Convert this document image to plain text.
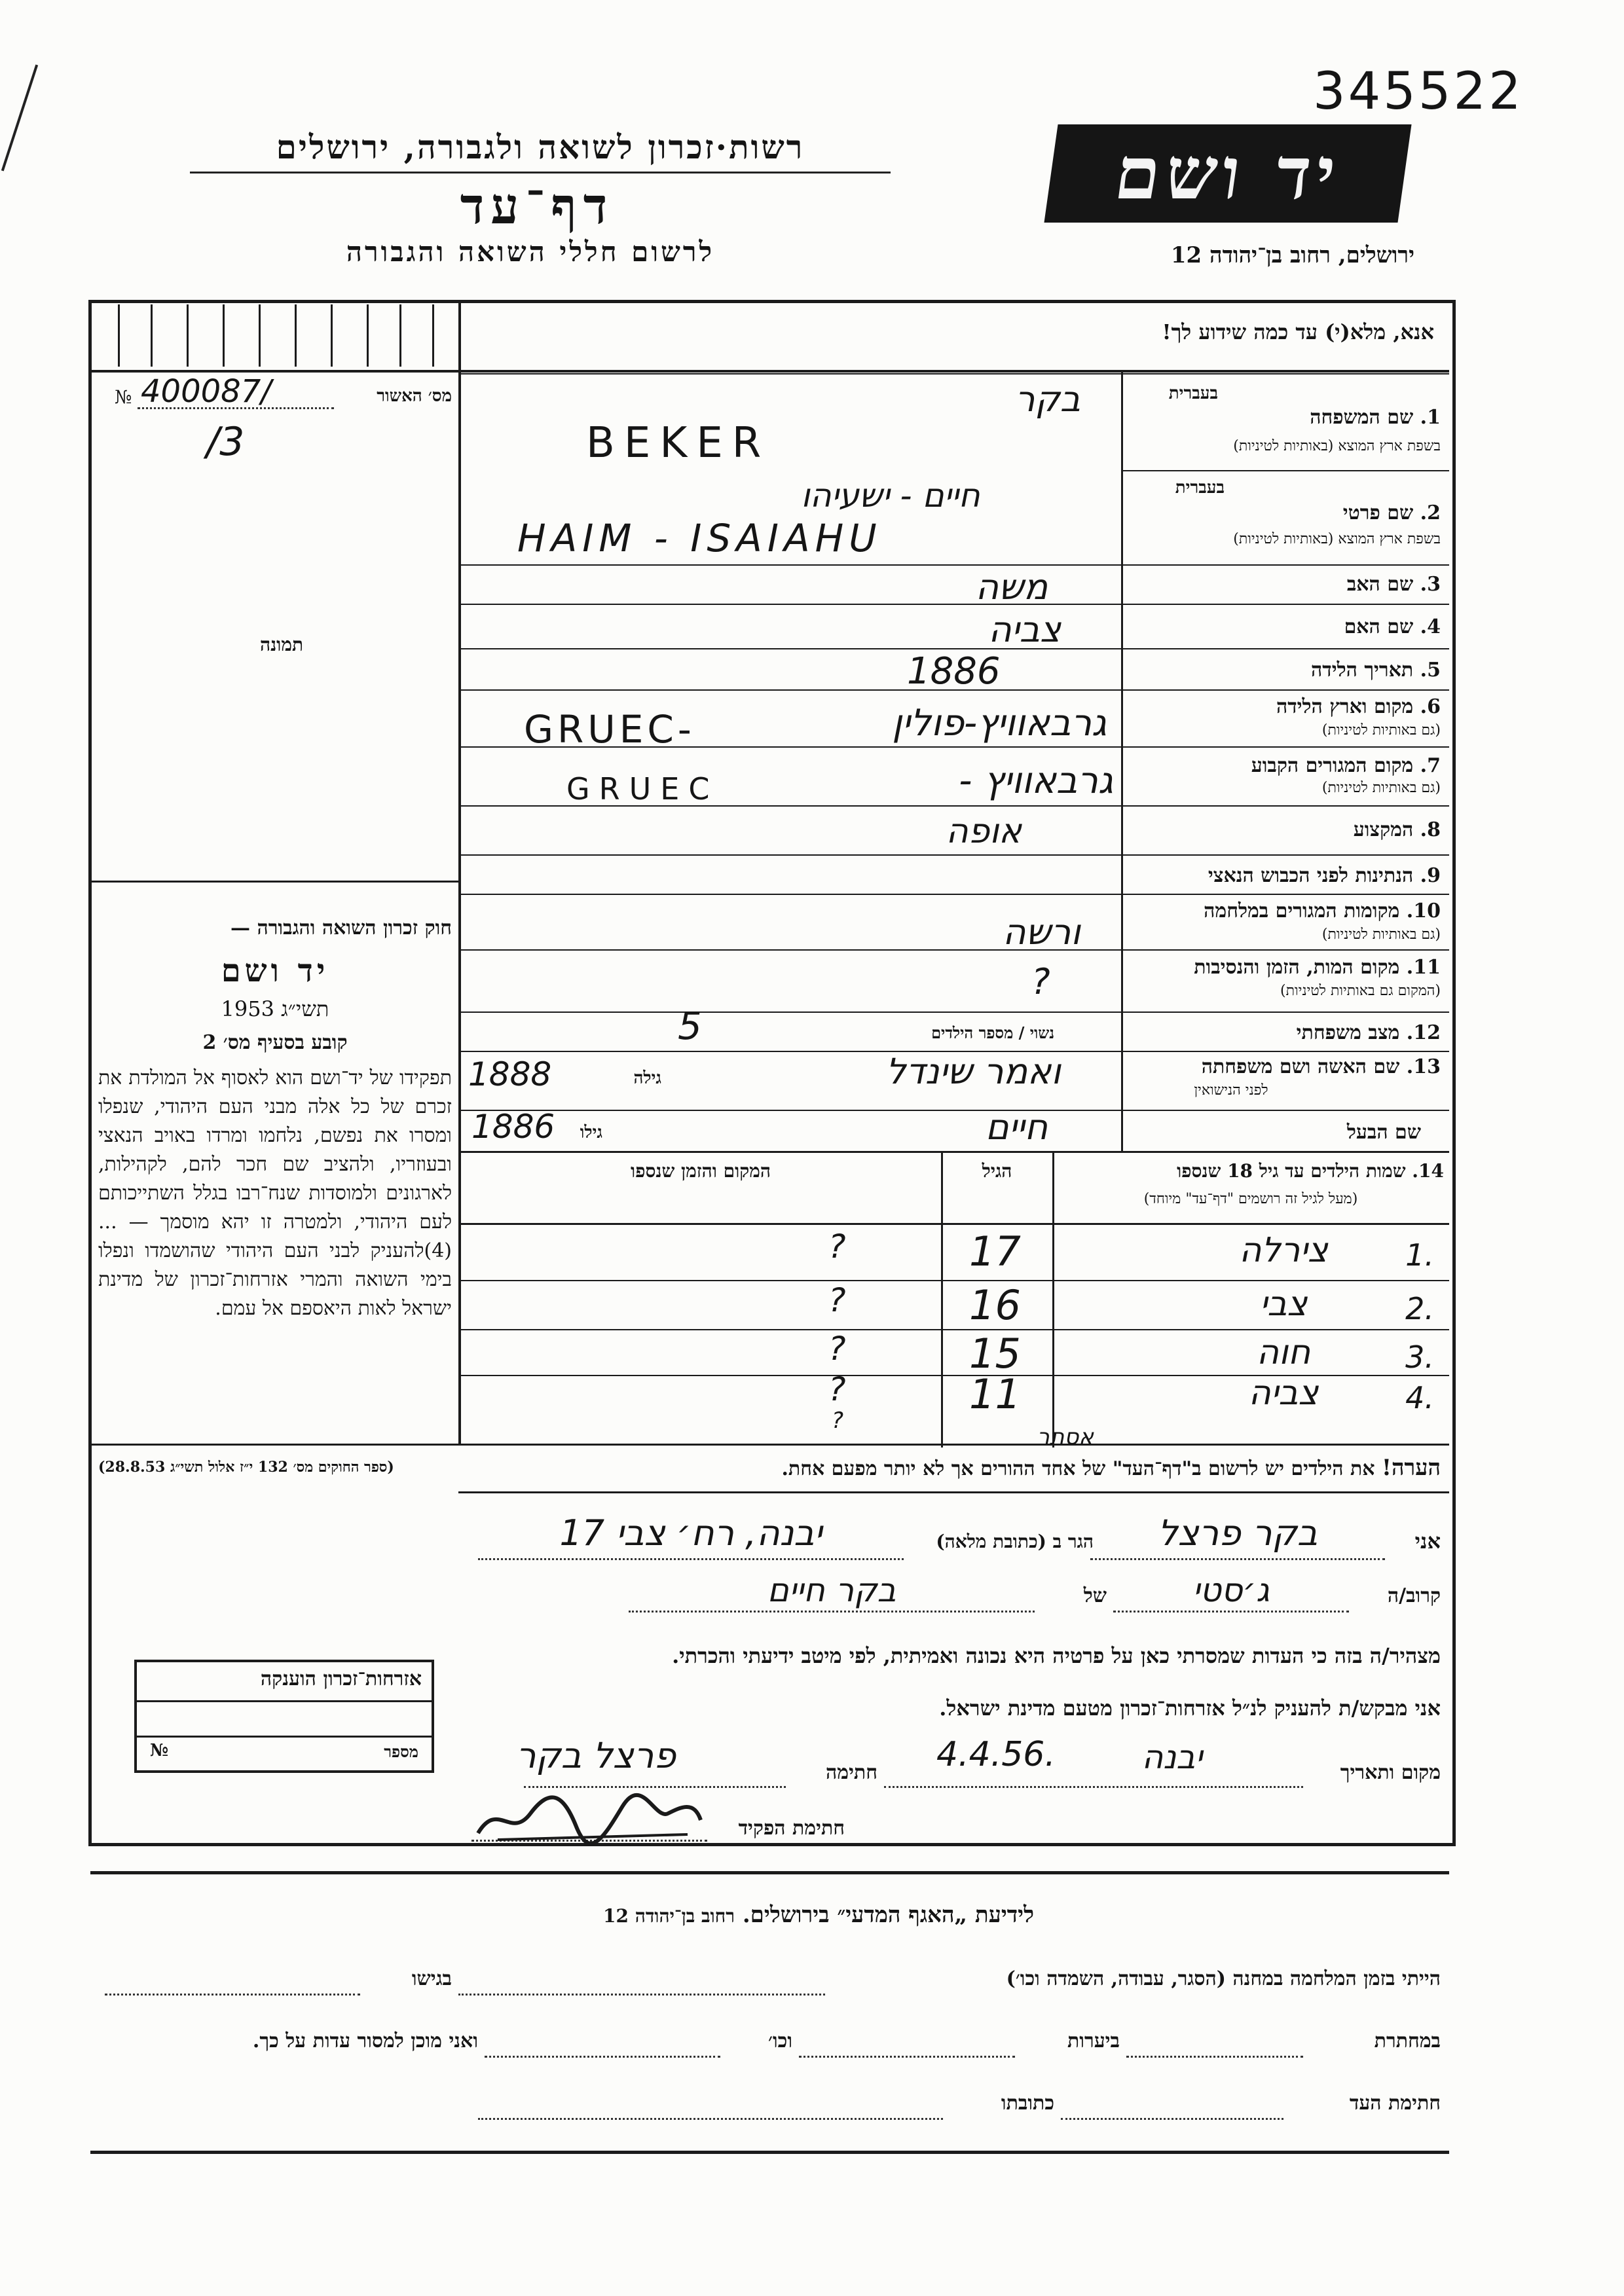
345522
רשות·זכרון לשואה ולגבורה, ירושלים
דף־עד
לרשום חללי השואה והגבורה
יד ושם
ירושלים, רחוב בן־יהודה 12
אנא, מלא(י) עד כמה שידוע לך!
מס׳ האשור
№ 400087/
/3
תמונה
בעברית
1. שם המשפחה
בשפת ארץ המוצא (באותיות לטיניות)
בקר
BEKER
בעברית
2. שם פרטי
בשפת ארץ המוצא (באותיות לטיניות)
חיים - ישעיהו
HAIM - ISAIAHU
3. שם האב
משה
4. שם האם
צביה
5. תאריך הלידה
1886
6. מקום וארץ הלידה
(גם באותיות לטיניות)
גרבאוויץ-פולין
GRUEC-
7. מקום המגורים הקבוע
(גם באותיות לטיניות)
גרבאוויץ -
GRUEC
8. המקצוע
אופה
9. הנתינות לפני הכבוש הנאצי
10. מקומות המגורים במלחמה
(גם באותיות לטיניות)
ורשה
11. מקום המות, הזמן והנסיבות
(המקום גם באותיות לטיניות)
?
12. מצב משפחתי
נשוי / מספר הילדים
5
13. שם האשה ושם משפחתה
לפני הנישואין
ואמר שינדל
גילה
1888
שם הבעל
חיים
גילו
1886
14. שמות הילדים עד גיל 18 שנספו
(מעל לגיל זה רושמים "דף־עד" מיוחד)
הגיל
המקום והזמן שנספו
1.
צירלה
17
?
2.
צבי
16
?
3.
חוה
15
?
4.
צביה
11
?
אסתר
?
הערה! את הילדים יש לרשום ב"דף־העד" של אחד ההורים אך לא יותר מפעם אחת.
אני
בקר פרצל
הגר ב (כתובת מלאה)
יבנה, רח׳ צבי 17
קרוב/ה
ג׳סטי
של
בקר חיים
מצהיר/ה בזה כי העדות שמסרתי כאן על פרטיה היא נכונה ואמיתית, לפי מיטב ידיעתי והכרתי.
אני מבקש/ת להעניק לנ״ל אזרחות־זכרון מטעם מדינת ישראל.
מקום ותאריך
יבנה
4.4.56.
חתימה
פרצל בקר
חתימת הפקיד
חוק זכרון השואה והגבורה —
יד ושם
תשי״ג 1953
קובע בסעיף מס׳ 2
תפקידו של יד־ושם הוא לאסוף אל המולדת את זכרם של כל אלה מבני העם היהודי, שנפלו ומסרו את נפשם, נלחמו ומרדו באויב הנאצי ובעוזריו, ולהציב שם חכר להם, לקהילות, לארגונים ולמוסדות שנח־רבו בגלל השתייכותם לעם היהודי, ולמטרה זו יהא מוסמך — ...(4)להעניק לבני העם היהודי שהושמדו ונפלו בימי השואה והמרי אזרחות־זכרון של מדינת ישראל לאות היאספם אל עמם.
(ספר החוקים מס׳ 132 י״ז אלול תשי״ג 28.8.53)
אזרחות־זכרון הוענקה
מספר
№
לידיעת „האגף המדעי״ בירושלים. רחוב בן־יהודה 12
הייתי בזמן המלחמה במחנה (הסגר, עבודה, השמדה וכו׳)
בגישו
במחתרת
ביערות
וכו׳
ואני מוכן למסור עדות על כך.
חתימת העד
כתובתו
